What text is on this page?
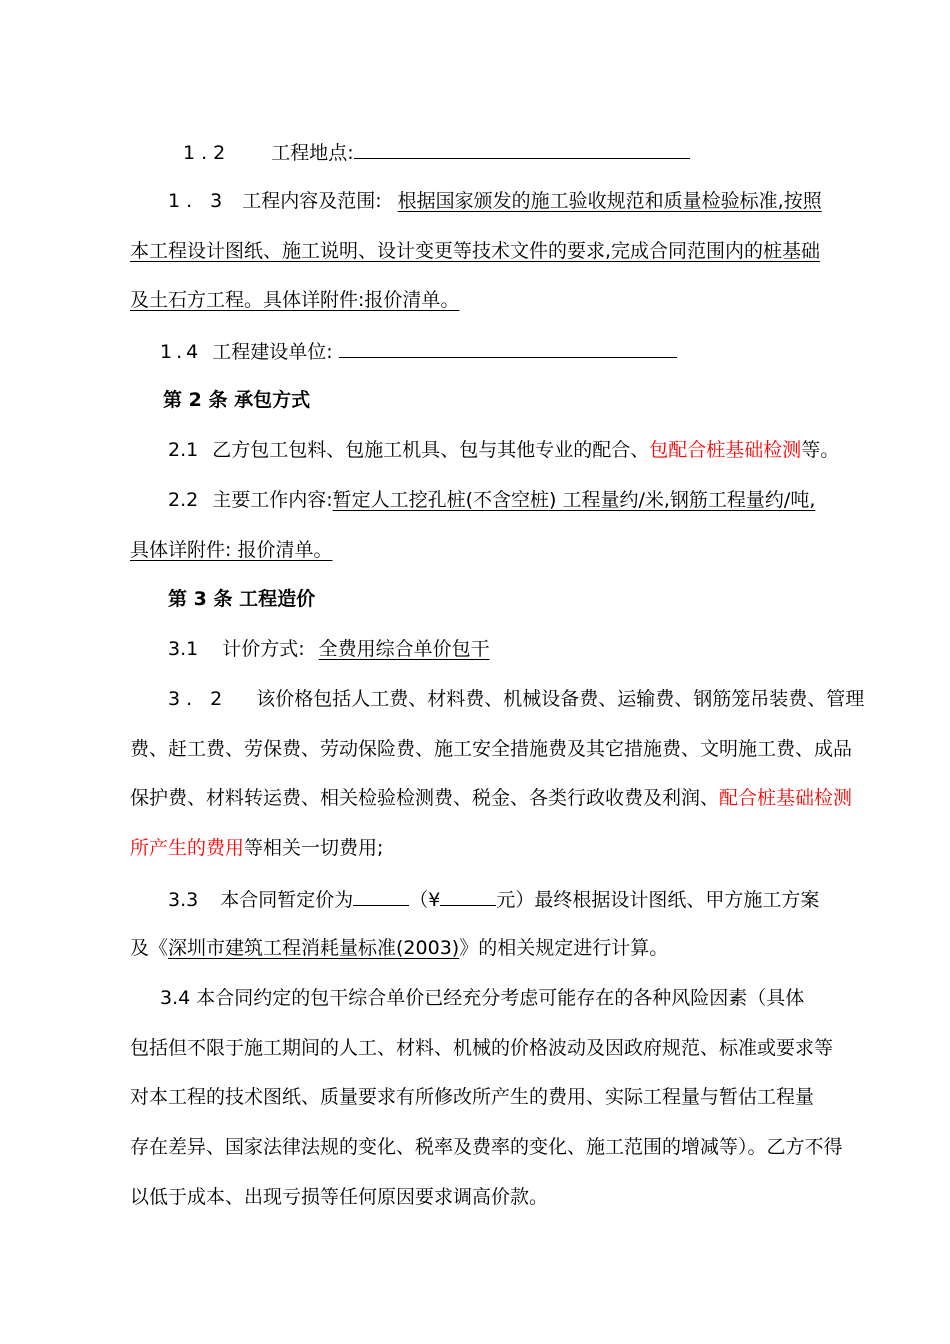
1.2 工程地点:
1. 3 工程内容及范围: 根据国家颁发的施工验收规范和质量检验标准,按照
本工程设计图纸、施工说明、设计变更等技术文件的要求,完成合同范围内的桩基础
及土石方工程。具体详附件:报价清单。
1.4 工程建设单位:
第 2 条 承包方式
2.1 乙方包工包料、包施工机具、包与其他专业的配合、包配合桩基础检测等。
2.2 主要工作内容:暂定人工挖孔桩(不含空桩) 工程量约/米,钢筋工程量约/吨,
具体详附件: 报价清单。
第 3 条 工程造价
3.1 计价方式: 全费用综合单价包干
3. 2 该价格包括人工费、材料费、机械设备费、运输费、钢筋笼吊装费、管理
费、赶工费、劳保费、劳动保险费、施工安全措施费及其它措施费、文明施工费、成品
保护费、材料转运费、相关检验检测费、税金、各类行政收费及利润、配合桩基础检测
所产生的费用等相关一切费用;
3.3 本合同暂定价为	（¥	元）最终根据设计图纸、甲方施工方案
及《深圳市建筑工程消耗量标准(2003)》的相关规定进行计算。
3.4 本合同约定的包干综合单价已经充分考虑可能存在的各种风险因素（具体
包括但不限于施工期间的人工、材料、机械的价格波动及因政府规范、标准或要求等
对本工程的技术图纸、质量要求有所修改所产生的费用、实际工程量与暂估工程量
存在差异、国家法律法规的变化、税率及费率的变化、施工范围的增减等）。乙方不得
以低于成本、出现亏损等任何原因要求调高价款。
